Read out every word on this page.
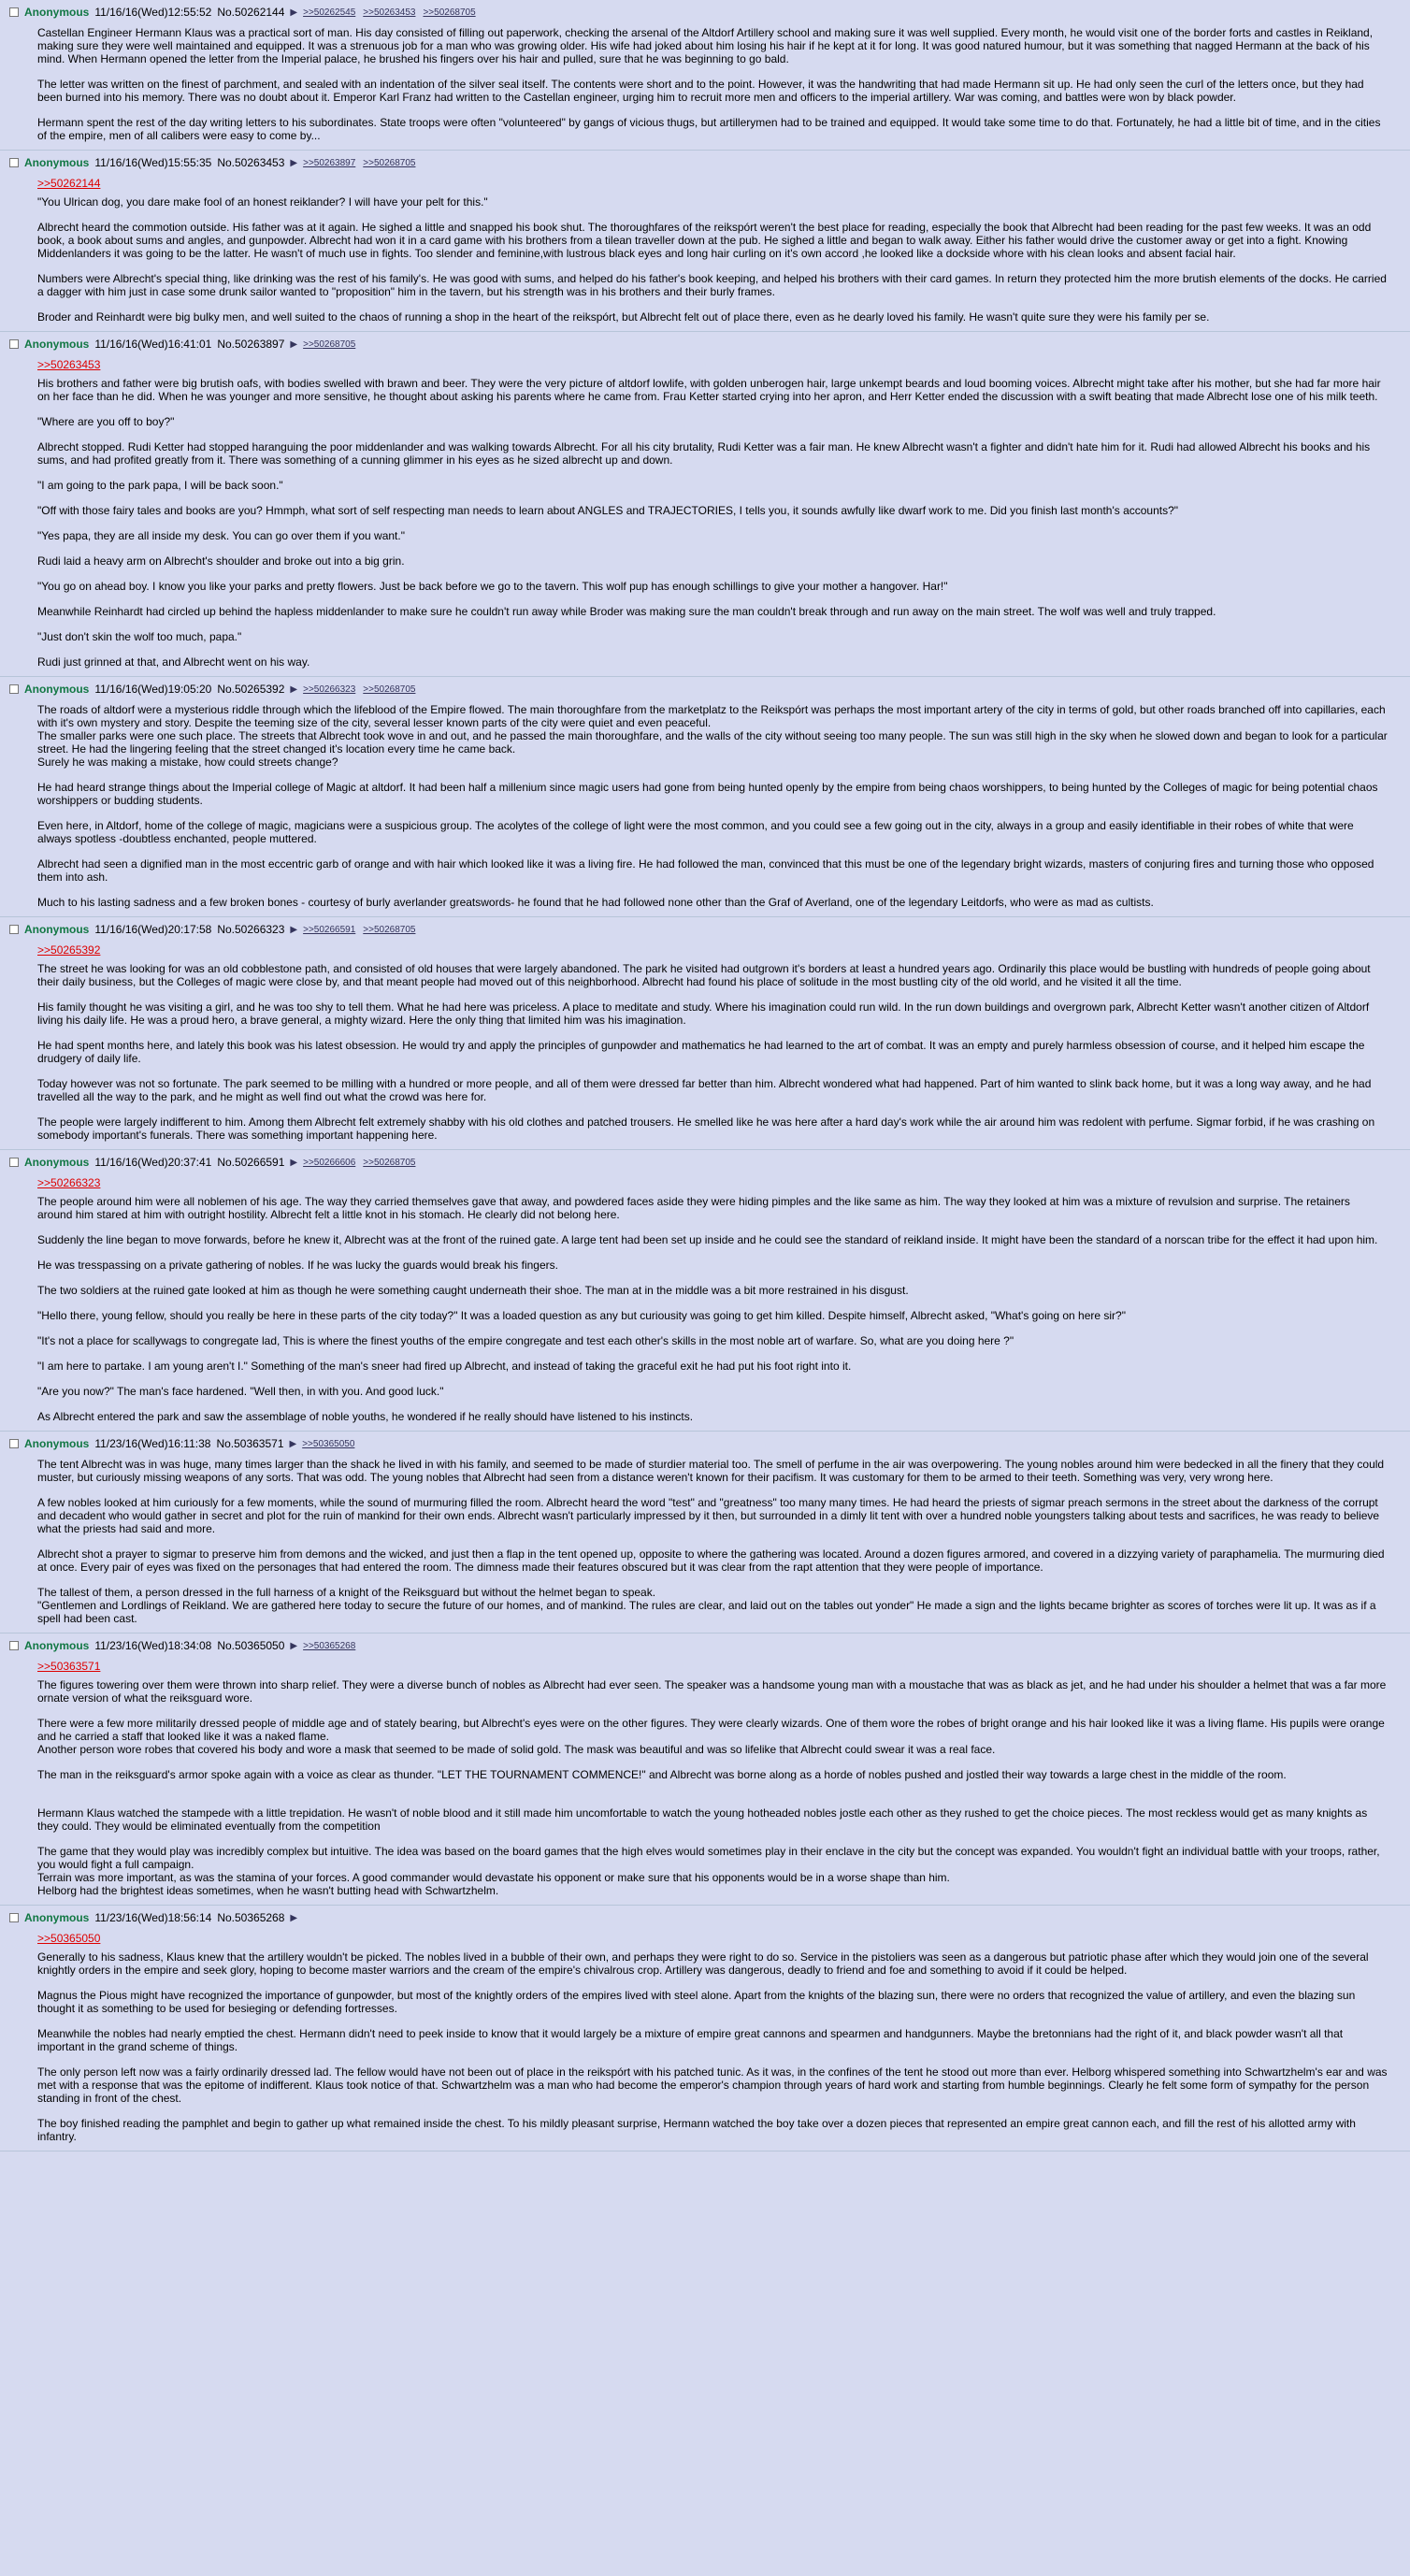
Anonymous 11/16/16(Wed)12:55:52 No.50262144 ▶ >>50262545 >>50263453 >>50268705
Castellan Engineer Hermann Klaus was a practical sort of man. His day consisted of filling out paperwork, checking the arsenal of the Altdorf Artillery school and making sure it was well supplied. Every month, he would visit one of the border forts and castles in Reikland, making sure they were well maintained and equipped. It was a strenuous job for a man who was growing older. His wife had joked about him losing his hair if he kept at it for long. It was good natured humour, but it was something that nagged Hermann at the back of his mind. When Hermann opened the letter from the Imperial palace, he brushed his fingers over his hair and pulled, sure that he was beginning to go bald.
The letter was written on the finest of parchment, and sealed with an indentation of the silver seal itself. The contents were short and to the point. However, it was the handwriting that had made Hermann sit up. He had only seen the curl of the letters once, but they had been burned into his memory. There was no doubt about it. Emperor Karl Franz had written to the Castellan engineer, urging him to recruit more men and officers to the imperial artillery. War was coming, and battles were won by black powder.
Hermann spent the rest of the day writing letters to his subordinates. State troops were often "volunteered" by gangs of vicious thugs, but artillerymen had to be trained and equipped. It would take some time to do that. Fortunately, he had a little bit of time, and in the cities of the empire, men of all calibers were easy to come by...
Anonymous 11/16/16(Wed)15:55:35 No.50263453 ▶ >>50263897 >>50268705
>>50262144
"You Ulrican dog, you dare make fool of an honest reiklander? I will have your pelt for this."
Albrecht heard the commotion outside. His father was at it again. He sighed a little and snapped his book shut. The thoroughfares of the reikspórt weren't the best place for reading, especially the book that Albrecht had been reading for the past few weeks. It was an odd book, a book about sums and angles, and gunpowder. Albrecht had won it in a card game with his brothers from a tilean traveller down at the pub. He sighed a little and began to walk away. Either his father would drive the customer away or get into a fight. Knowing Middenlanders it was going to be the latter. He wasn't of much use in fights. Too slender and feminine,with lustrous black eyes and long hair curling on it's own accord ,he looked like a dockside whore with his clean looks and absent facial hair.
Numbers were Albrecht's special thing, like drinking was the rest of his family's. He was good with sums, and helped do his father's book keeping, and helped his brothers with their card games. In return they protected him the more brutish elements of the docks. He carried a dagger with him just in case some drunk sailor wanted to "proposition" him in the tavern, but his strength was in his brothers and their burly frames.
Broder and Reinhardt were big bulky men, and well suited to the chaos of running a shop in the heart of the reikspórt, but Albrecht felt out of place there, even as he dearly loved his family. He wasn't quite sure they were his family per se.
Anonymous 11/16/16(Wed)16:41:01 No.50263897 ▶ >>50268705
>>50263453
His brothers and father were big brutish oafs, with bodies swelled with brawn and beer. They were the very picture of altdorf lowlife, with golden unberogen hair, large unkempt beards and loud booming voices. Albrecht might take after his mother, but she had far more hair on her face than he did. When he was younger and more sensitive, he thought about asking his parents where he came from. Frau Ketter started crying into her apron, and Herr Ketter ended the discussion with a swift beating that made Albrecht lose one of his milk teeth.
"Where are you off to boy?"
Albrecht stopped. Rudi Ketter had stopped haranguing the poor middenlander and was walking towards Albrecht. For all his city brutality, Rudi Ketter was a fair man. He knew Albrecht wasn't a fighter and didn't hate him for it. Rudi had allowed Albrecht his books and his sums, and had profited greatly from it. There was something of a cunning glimmer in his eyes as he sized albrecht up and down.
"I am going to the park papa, I will be back soon."
"Off with those fairy tales and books are you? Hmmph, what sort of self respecting man needs to learn about ANGLES and TRAJECTORIES, I tells you, it sounds awfully like dwarf work to me. Did you finish last month's accounts?"
"Yes papa, they are all inside my desk. You can go over them if you want."
Rudi laid a heavy arm on Albrecht's shoulder and broke out into a big grin.
"You go on ahead boy. I know you like your parks and pretty flowers. Just be back before we go to the tavern. This wolf pup has enough schillings to give your mother a hangover. Har!"
Meanwhile Reinhardt had circled up behind the hapless middenlander to make sure he couldn't run away while Broder was making sure the man couldn't break through and run away on the main street. The wolf was well and truly trapped.
"Just don't skin the wolf too much, papa."
Rudi just grinned at that, and Albrecht went on his way.
Anonymous 11/16/16(Wed)19:05:20 No.50265392 ▶ >>50266323 >>50268705
The roads of altdorf were a mysterious riddle through which the lifeblood of the Empire flowed. The main thoroughfare from the marketplatz to the Reikspórt was perhaps the most important artery of the city in terms of gold, but other roads branched off into capillaries, each with it's own mystery and story. Despite the teeming size of the city, several lesser known parts of the city were quiet and even peaceful.
The smaller parks were one such place. The streets that Albrecht took wove in and out, and he passed the main thoroughfare, and the walls of the city without seeing too many people. The sun was still high in the sky when he slowed down and began to look for a particular street. He had the lingering feeling that the street changed it's location every time he came back.
Surely he was making a mistake, how could streets change?
He had heard strange things about the Imperial college of Magic at altdorf. It had been half a millenium since magic users had gone from being hunted openly by the empire from being chaos worshippers, to being hunted by the Colleges of magic for being potential chaos worshippers or budding students.
Even here, in Altdorf, home of the college of magic, magicians were a suspicious group. The acolytes of the college of light were the most common, and you could see a few going out in the city, always in a group and easily identifiable in their robes of white that were always spotless -doubtless enchanted, people muttered.
Albrecht had seen a dignified man in the most eccentric garb of orange and with hair which looked like it was a living fire. He had followed the man, convinced that this must be one of the legendary bright wizards, masters of conjuring fires and turning those who opposed them into ash.
Much to his lasting sadness and a few broken bones - courtesy of burly averlander greatswords- he found that he had followed none other than the Graf of Averland, one of the legendary Leitdorfs, who were as mad as cultists.
Anonymous 11/16/16(Wed)20:17:58 No.50266323 ▶ >>50266591 >>50268705
>>50265392
The street he was looking for was an old cobblestone path, and consisted of old houses that were largely abandoned. The park he visited had outgrown it's borders at least a hundred years ago. Ordinarily this place would be bustling with hundreds of people going about their daily business, but the Colleges of magic were close by, and that meant people had moved out of this neighborhood. Albrecht had found his place of solitude in the most bustling city of the old world, and he visited it all the time.
His family thought he was visiting a girl, and he was too shy to tell them. What he had here was priceless. A place to meditate and study. Where his imagination could run wild. In the run down buildings and overgrown park, Albrecht Ketter wasn't another citizen of Altdorf living his daily life. He was a proud hero, a brave general, a mighty wizard. Here the only thing that limited him was his imagination.
He had spent months here, and lately this book was his latest obsession. He would try and apply the principles of gunpowder and mathematics he had learned to the art of combat. It was an empty and purely harmless obsession of course, and it helped him escape the drudgery of daily life.
Today however was not so fortunate. The park seemed to be milling with a hundred or more people, and all of them were dressed far better than him. Albrecht wondered what had happened. Part of him wanted to slink back home, but it was a long way away, and he had travelled all the way to the park, and he might as well find out what the crowd was here for.
The people were largely indifferent to him. Among them Albrecht felt extremely shabby with his old clothes and patched trousers. He smelled like he was here after a hard day's work while the air around him was redolent with perfume. Sigmar forbid, if he was crashing on somebody important's funerals. There was something important happening here.
Anonymous 11/16/16(Wed)20:37:41 No.50266591 ▶ >>50266606 >>50268705
>>50266323
The people around him were all noblemen of his age. The way they carried themselves gave that away, and powdered faces aside they were hiding pimples and the like same as him. The way they looked at him was a mixture of revulsion and surprise. The retainers around him stared at him with outright hostility. Albrecht felt a little knot in his stomach. He clearly did not belong here.
Suddenly the line began to move forwards, before he knew it, Albrecht was at the front of the ruined gate. A large tent had been set up inside and he could see the standard of reikland inside. It might have been the standard of a norscan tribe for the effect it had upon him.
He was tresspassing on a private gathering of nobles. If he was lucky the guards would break his fingers.
The two soldiers at the ruined gate looked at him as though he were something caught underneath their shoe. The man at in the middle was a bit more restrained in his disgust.
"Hello there, young fellow, should you really be here in these parts of the city today?" It was a loaded question as any but curiousity was going to get him killed. Despite himself, Albrecht asked, "What's going on here sir?"
"It's not a place for scallywags to congregate lad, This is where the finest youths of the empire congregate and test each other's skills in the most noble art of warfare. So, what are you doing here ?"
"I am here to partake. I am young aren't I." Something of the man's sneer had fired up Albrecht, and instead of taking the graceful exit he had put his foot right into it.
"Are you now?" The man's face hardened. "Well then, in with you. And good luck."
As Albrecht entered the park and saw the assemblage of noble youths, he wondered if he really should have listened to his instincts.
Anonymous 11/23/16(Wed)16:11:38 No.50363571 ▶ >>50365050
The tent Albrecht was in was huge, many times larger than the shack he lived in with his family, and seemed to be made of sturdier material too. The smell of perfume in the air was overpowering. The young nobles around him were bedecked in all the finery that they could muster, but curiously missing weapons of any sorts. That was odd. The young nobles that Albrecht had seen from a distance weren't known for their pacifism. It was customary for them to be armed to their teeth. Something was very, very wrong here.
A few nobles looked at him curiously for a few moments, while the sound of murmuring filled the room. Albrecht heard the word "test" and "greatness" too many many times. He had heard the priests of sigmar preach sermons in the street about the darkness of the corrupt and decadent who would gather in secret and plot for the ruin of mankind for their own ends. Albrecht wasn't particularly impressed by it then, but surrounded in a dimly lit tent with over a hundred noble youngsters talking about tests and sacrifices, he was ready to believe what the priests had said and more.
Albrecht shot a prayer to sigmar to preserve him from demons and the wicked, and just then a flap in the tent opened up, opposite to where the gathering was located. Around a dozen figures armored, and covered in a dizzying variety of paraphamelia. The murmuring died at once. Every pair of eyes was fixed on the personages that had entered the room. The dimness made their features obscured but it was clear from the rapt attention that they were people of importance.
The tallest of them, a person dressed in the full harness of a knight of the Reiksguard but without the helmet began to speak.
"Gentlemen and Lordlings of Reikland. We are gathered here today to secure the future of our homes, and of mankind. The rules are clear, and laid out on the tables out yonder" He made a sign and the lights became brighter as scores of torches were lit up. It was as if a spell had been cast.
Anonymous 11/23/16(Wed)18:34:08 No.50365050 ▶ >>50365268
>>50363571
The figures towering over them were thrown into sharp relief. They were a diverse bunch of nobles as Albrecht had ever seen. The speaker was a handsome young man with a moustache that was as black as jet, and he had under his shoulder a helmet that was a far more ornate version of what the reiksguard wore.
There were a few more militarily dressed people of middle age and of stately bearing, but Albrecht's eyes were on the other figures. They were clearly wizards. One of them wore the robes of bright orange and his hair looked like it was a living flame. His pupils were orange and he carried a staff that looked like it was a naked flame.
Another person wore robes that covered his body and wore a mask that seemed to be made of solid gold. The mask was beautiful and was so lifelike that Albrecht could swear it was a real face.
The man in the reiksguard's armor spoke again with a voice as clear as thunder. "LET THE TOURNAMENT COMMENCE!" and Albrecht was borne along as a horde of nobles pushed and jostled their way towards a large chest in the middle of the room.

Hermann Klaus watched the stampede with a little trepidation. He wasn't of noble blood and it still made him uncomfortable to watch the young hotheaded nobles jostle each other as they rushed to get the choice pieces. The most reckless would get as many knights as they could. They would be eliminated eventually from the competition
The game that they would play was incredibly complex but intuitive. The idea was based on the board games that the high elves would sometimes play in their enclave in the city but the concept was expanded. You wouldn't fight an individual battle with your troops, rather, you would fight a full campaign.
Terrain was more important, as was the stamina of your forces. A good commander would devastate his opponent or make sure that his opponents would be in a worse shape than him.
Helborg had the brightest ideas sometimes, when he wasn't butting head with Schwartzhelm.
Anonymous 11/23/16(Wed)18:56:14 No.50365268 ▶
>>50365050
Generally to his sadness, Klaus knew that the artillery wouldn't be picked. The nobles lived in a bubble of their own, and perhaps they were right to do so. Service in the pistoliers was seen as a dangerous but patriotic phase after which they would join one of the several knightly orders in the empire and seek glory, hoping to become master warriors and the cream of the empire's chivalrous crop. Artillery was dangerous, deadly to friend and foe and something to avoid if it could be helped.
Magnus the Pious might have recognized the importance of gunpowder, but most of the knightly orders of the empires lived with steel alone. Apart from the knights of the blazing sun, there were no orders that recognized the value of artillery, and even the blazing sun thought it as something to be used for besieging or defending fortresses.
Meanwhile the nobles had nearly emptied the chest. Hermann didn't need to peek inside to know that it would largely be a mixture of empire great cannons and spearmen and handgunners. Maybe the bretonnians had the right of it, and black powder wasn't all that important in the grand scheme of things.
The only person left now was a fairly ordinarily dressed lad. The fellow would have not been out of place in the reikspórt with his patched tunic. As it was, in the confines of the tent he stood out more than ever. Helborg whispered something into Schwartzhelm's ear and was met with a response that was the epitome of indifferent. Klaus took notice of that. Schwartzhelm was a man who had become the emperor's champion through years of hard work and starting from humble beginnings. Clearly he felt some form of sympathy for the person standing in front of the chest.
The boy finished reading the pamphlet and begin to gather up what remained inside the chest. To his mildly pleasant surprise, Hermann watched the boy take over a dozen pieces that represented an empire great cannon each, and fill the rest of his allotted army with infantry.
